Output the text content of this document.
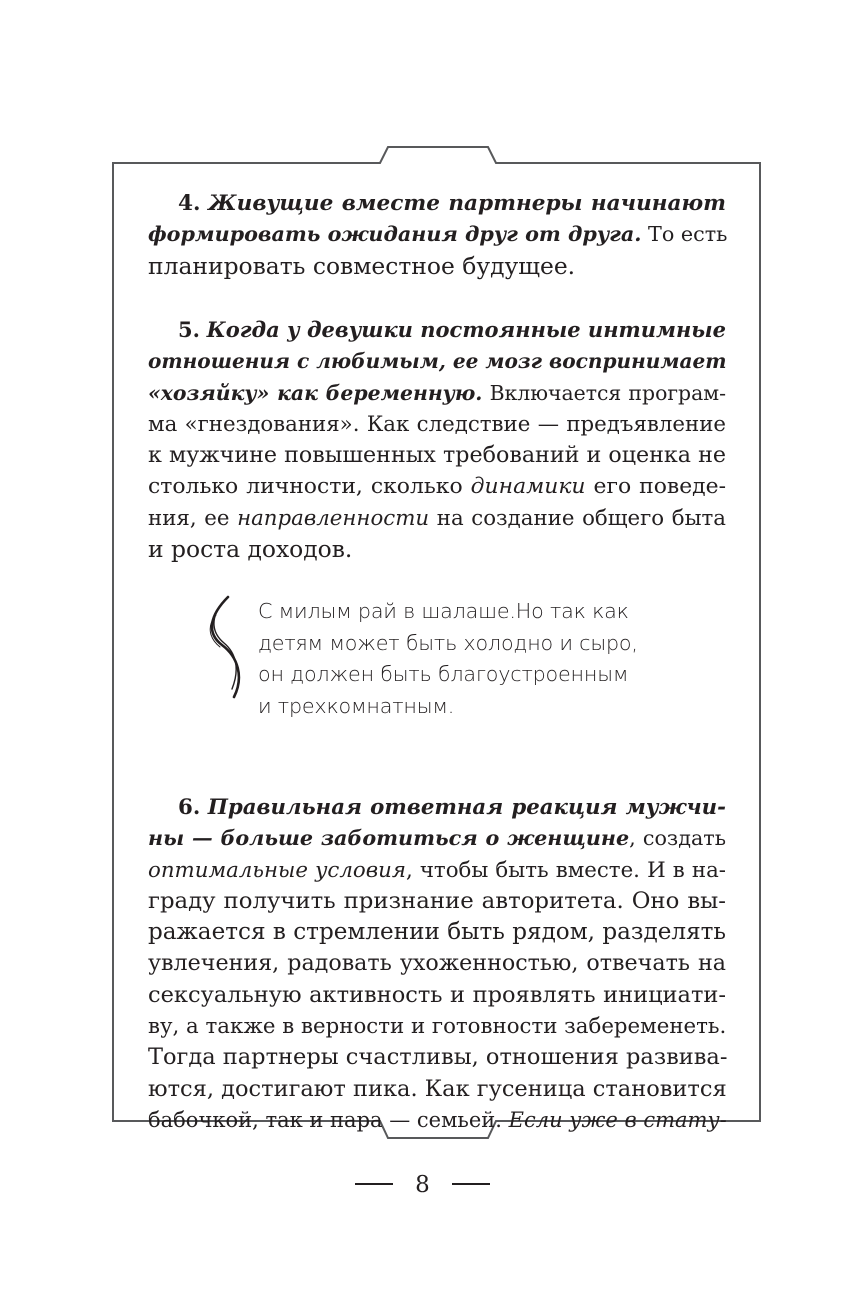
4. Живущие вместе партнеры начинают
формировать ожидания друг от друга. То есть
планировать совместное будущее.
5. Когда у девушки постоянные интимные
отношения с любимым, ее мозг воспринимает
«хозяйку» как беременную. Включается програм-
ма «гнездования». Как следствие — предъявление
к мужчине повышенных требований и оценка не
столько личности, сколько динамики его поведе-
ния, ее направленности на создание общего быта
и роста доходов.
С милым рай в шалаше.Но так как
детям может быть холодно и сыро,
он должен быть благоустроенным
и трехкомнатным.
6. Правильная ответная реакция мужчи-
ны — больше заботиться о женщине, создать
оптимальные условия, чтобы быть вместе. И в на-
граду получить признание авторитета. Оно вы-
ражается в стремлении быть рядом, разделять
увлечения, радовать ухоженностью, отвечать на
сексуальную активность и проявлять инициати-
ву, а также в верности и готовности забеременеть.
Тогда партнеры счастливы, отношения развива-
ются, достигают пика. Как гусеница становится
бабочкой, так и пара — семьей. Если уже в стату-
8
